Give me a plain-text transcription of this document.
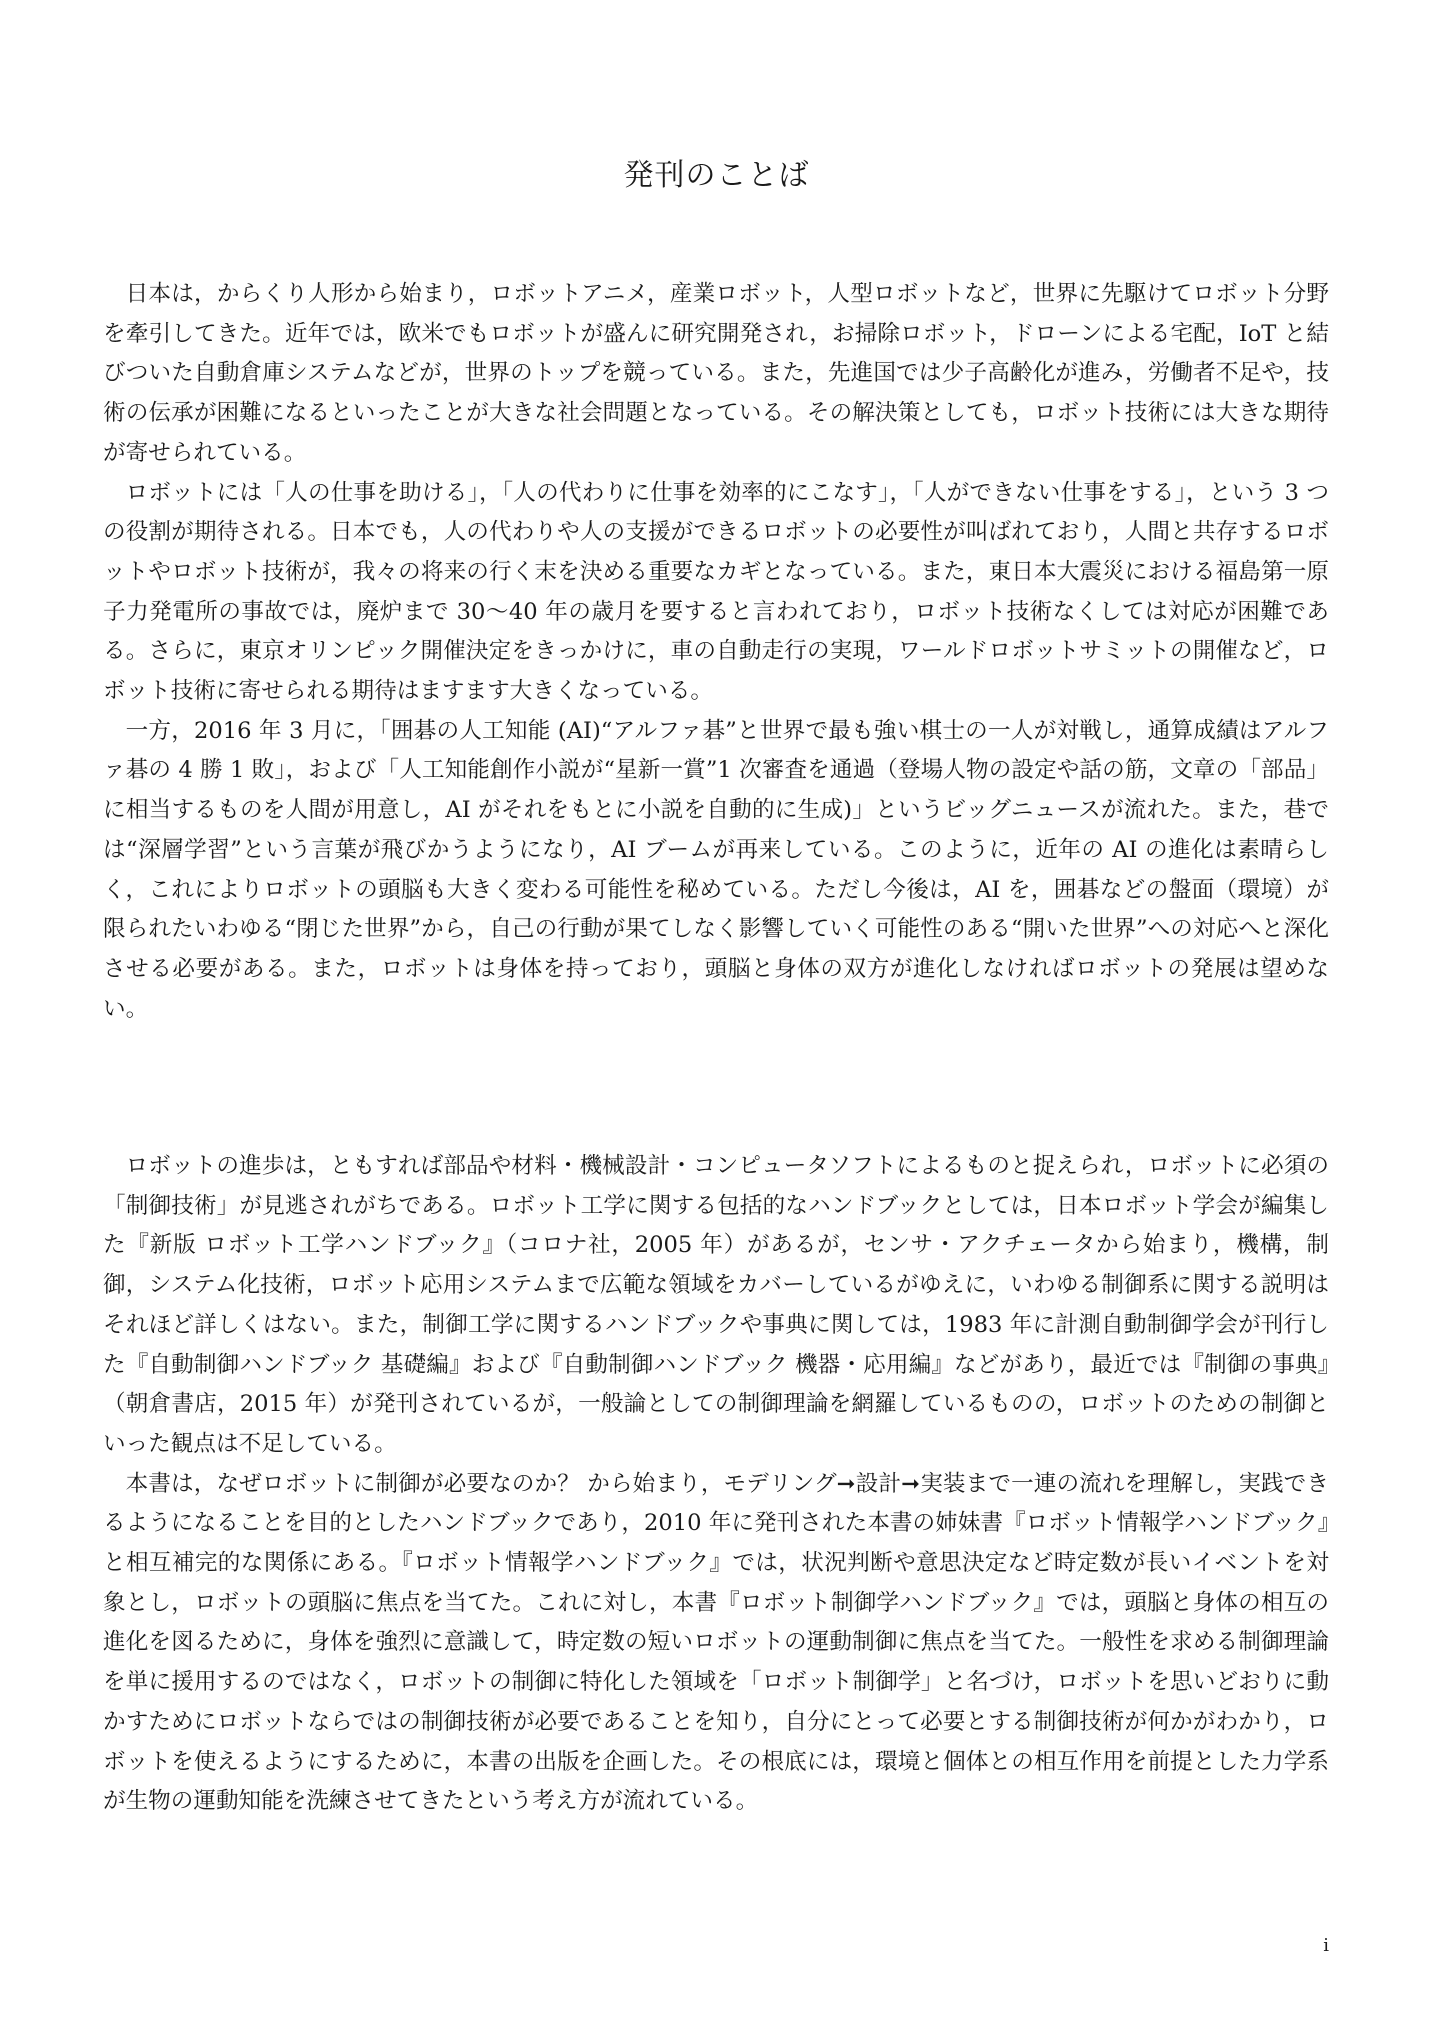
発刊のことば

日本は，からくり人形から始まり，ロボットアニメ，産業ロボット，人型ロボットなど，世界に先駆けてロボット分野を牽引してきた。近年では，欧米でもロボットが盛んに研究開発され，お掃除ロボット，ドローンによる宅配，IoT と結びついた自動倉庫システムなどが，世界のトップを競っている。また，先進国では少子高齢化が進み，労働者不足や，技術の伝承が困難になるといったことが大きな社会問題となっている。その解決策としても，ロボット技術には大きな期待が寄せられている。

ロボットには「人の仕事を助ける」，「人の代わりに仕事を効率的にこなす」，「人ができない仕事をする」，という 3 つの役割が期待される。日本でも，人の代わりや人の支援ができるロボットの必要性が叫ばれており，人間と共存するロボットやロボット技術が，我々の将来の行く末を決める重要なカギとなっている。また，東日本大震災における福島第一原子力発電所の事故では，廃炉まで 30〜40 年の歳月を要すると言われており，ロボット技術なくしては対応が困難である。さらに，東京オリンピック開催決定をきっかけに，車の自動走行の実現，ワールドロボットサミットの開催など，ロボット技術に寄せられる期待はますます大きくなっている。

一方，2016 年 3 月に，「囲碁の人工知能 (AI)“アルファ碁”と世界で最も強い棋士の一人が対戦し，通算成績はアルファ碁の 4 勝 1 敗」，および「人工知能創作小説が“星新一賞”1 次審査を通過（登場人物の設定や話の筋，文章の「部品」に相当するものを人間が用意し，AI がそれをもとに小説を自動的に生成)」というビッグニュースが流れた。また，巷では“深層学習”という言葉が飛びかうようになり，AI ブームが再来している。このように，近年の AI の進化は素晴らしく，これによりロボットの頭脳も大きく変わる可能性を秘めている。ただし今後は，AI を，囲碁などの盤面（環境）が限られたいわゆる“閉じた世界”から，自己の行動が果てしなく影響していく可能性のある“開いた世界”への対応へと深化させる必要がある。また，ロボットは身体を持っており，頭脳と身体の双方が進化しなければロボットの発展は望めない。

ロボットの進歩は，ともすれば部品や材料・機械設計・コンピュータソフトによるものと捉えられ，ロボットに必須の「制御技術」が見逃されがちである。ロボット工学に関する包括的なハンドブックとしては，日本ロボット学会が編集した『新版 ロボット工学ハンドブック』（コロナ社，2005 年）があるが，センサ・アクチェータから始まり，機構，制御，システム化技術，ロボット応用システムまで広範な領域をカバーしているがゆえに，いわゆる制御系に関する説明はそれほど詳しくはない。また，制御工学に関するハンドブックや事典に関しては，1983 年に計測自動制御学会が刊行した『自動制御ハンドブック 基礎編』および『自動制御ハンドブック 機器・応用編』などがあり，最近では『制御の事典』（朝倉書店，2015 年）が発刊されているが，一般論としての制御理論を網羅しているものの，ロボットのための制御といった観点は不足している。

本書は，なぜロボットに制御が必要なのか？ から始まり，モデリング➞設計➞実装まで一連の流れを理解し，実践できるようになることを目的としたハンドブックであり，2010 年に発刊された本書の姉妹書『ロボット情報学ハンドブック』と相互補完的な関係にある。『ロボット情報学ハンドブック』では，状況判断や意思決定など時定数が長いイベントを対象とし，ロボットの頭脳に焦点を当てた。これに対し，本書『ロボット制御学ハンドブック』では，頭脳と身体の相互の進化を図るために，身体を強烈に意識して，時定数の短いロボットの運動制御に焦点を当てた。一般性を求める制御理論を単に援用するのではなく，ロボットの制御に特化した領域を「ロボット制御学」と名づけ，ロボットを思いどおりに動かすためにロボットならではの制御技術が必要であることを知り，自分にとって必要とする制御技術が何かがわかり，ロボットを使えるようにするために，本書の出版を企画した。その根底には，環境と個体との相互作用を前提とした力学系が生物の運動知能を洗練させてきたという考え方が流れている。

i
